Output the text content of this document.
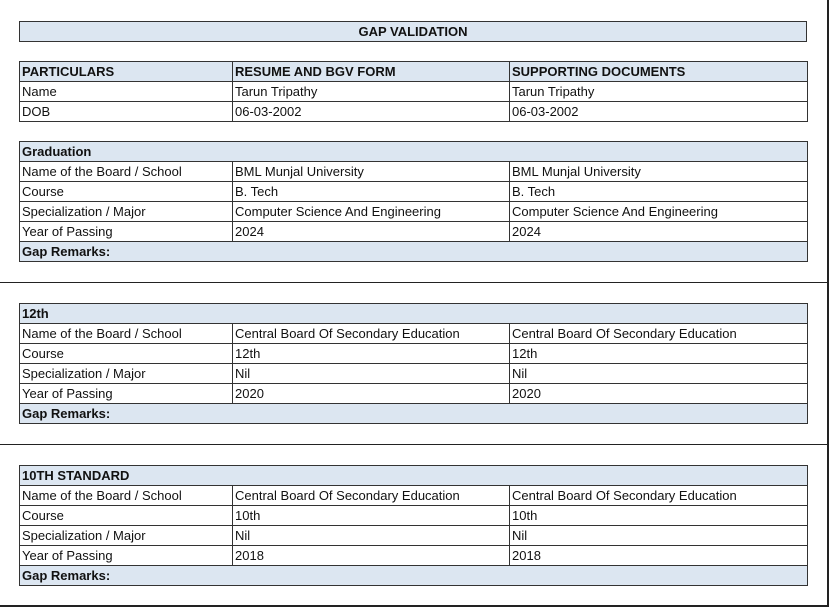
GAP VALIDATION
PARTICULARS	RESUME AND BGV FORM	SUPPORTING DOCUMENTS
Name	Tarun Tripathy	Tarun Tripathy
DOB	06-03-2002	06-03-2002
Graduation		
Name of the Board / School	BML Munjal University	BML Munjal University
Course	B. Tech	B. Tech
Specialization / Major	Computer Science And Engineering	Computer Science And Engineering
Year of Passing	2024	2024
Gap Remarks:		
12th		
Name of the Board / School	Central Board Of Secondary Education	Central Board Of Secondary Education
Course	12th	12th
Specialization / Major	Nil	Nil
Year of Passing	2020	2020
Gap Remarks:		
10TH STANDARD		
Name of the Board / School	Central Board Of Secondary Education	Central Board Of Secondary Education
Course	10th	10th
Specialization / Major	Nil	Nil
Year of Passing	2018	2018
Gap Remarks:		
